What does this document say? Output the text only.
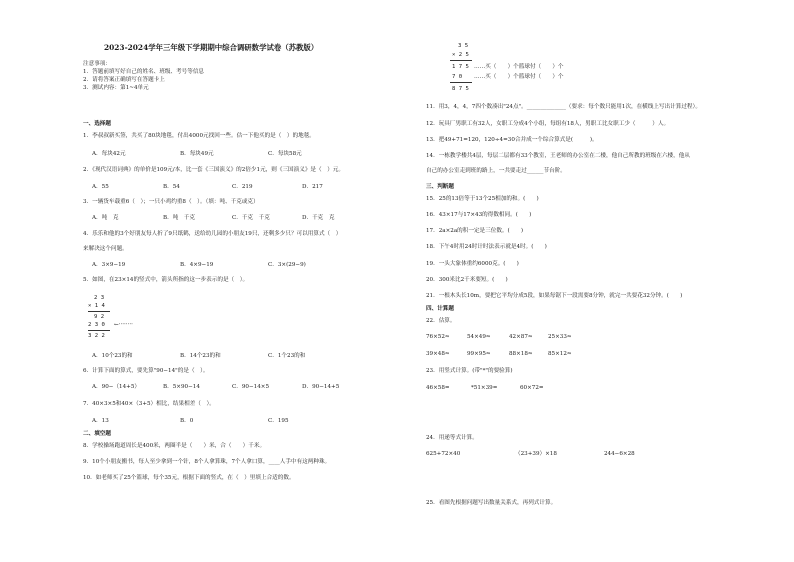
2023-2024学年三年级下学期期中综合调研数学试卷（苏教版）
注意事项：
1．答题前填写好自己的姓名、班级、考号等信息
2．请将答案正确填写在答题卡上
3．测试内容：第1~4单元
一、选择题
1．李叔叔新买签，共买了80块地毯，付出4000元找回一些。估一下他买的是（　）的地毯。
A．每块42元	B．每块49元	C．每块58元
2．《现代汉语词典》的单价是109元/本，比一套《三国演义》的2倍少1元，则《三国演义》是（　）元。
A．55	B．54	C．219	D．217
3．一辆货车载重6（　）；一只小鸡约重8（　）。（填：吨、千克或克）
A．吨　克	B．吨　千克	C．千克　千克	D．千克　克
4．乐乐和他的3个好朋友每人折了9只纸鹤，送给幼儿园的小朋友19只，还剩多少只？可以用算式（　）
来解决这个问题。
A．3×9−19	B．4×9−19	C．3×(29−9)
5．如图，在23×14的竖式中，箭头所指的这一步表示的是（　）。
2 3
× 1 4
9 2
2 3 0 ←········
3 2 2
A．10个23的和	B．14个23的和	C．1个23的和
6．计算下面的算式，要先算"90−14"的是（　）。
A．90−（14+5）	B．5×90−14	C．90−14×5	D．90−14+5
7．40×3×5和40×（3+5）相比，结果相差（　）。
A．13	B．0	C．195
二、填空题
8．学校操场跑道周长是400米，两圈半是（　　）米，合（　　）千米。
9．10个小朋友搬书，每人至少拿到一个针，8个人拿算珠，7个人拿口算，____人手中有这两种珠。
10．如老师买了25个篮球，每个35元，根据下面的竖式，在（　）里填上合适的数。
3 5
× 2 5
1 7 5 ……买（　　）个篮球付（　　）个
7 0 ……买（　　）个篮球付（　　）个
8 7 5
11．用3，4，4，7四个数凑出"24点"。______________（要求：每个数只能用1次，在横线上写出计算过程）。
12．玩具厂男职工有32人，女职工分成4个小组，每组有18人，男职工比女职工少（　　　）人。
13．把49+71=120，120÷4=30合并成一个综合算式是(　　　)。
14．一栋教学楼共4层，每层二层都有33个教室，王老师的办公室在二楼，他自己所教的班级在六楼，他从
自己的办公室走到班的路上，一共要走过______节台阶。
三、判断题
15．25的13倍等于13个25相加的和。(　　)
16．43×17与17×43的得数相同。(　　)
17．2a×2a的积一定是三位数。(　　)
18．下午4时用24时计时法表示就是4时。(　　)
19．一头大象体重约6000克。(　　)
20．300米比2千米要短。(　　)
21．一根木头长10m，要把它平均分成5段，如果每锯下一段需要8分钟，就完一共要花32分钟。(　　)
四、计算题
22．估算。
76×52≈	54×49≈	42×87≈	25×33≈
39×48≈	99×95≈	88×18≈	85×12≈
23．用竖式计算。(带"*"的要验算)
46×58=	*51×39=	60×72=
24．用递等式计算。
625+72×40	（23+39）×18	244−6×28
25．看图先根据问题写出数量关系式，再列式计算。
